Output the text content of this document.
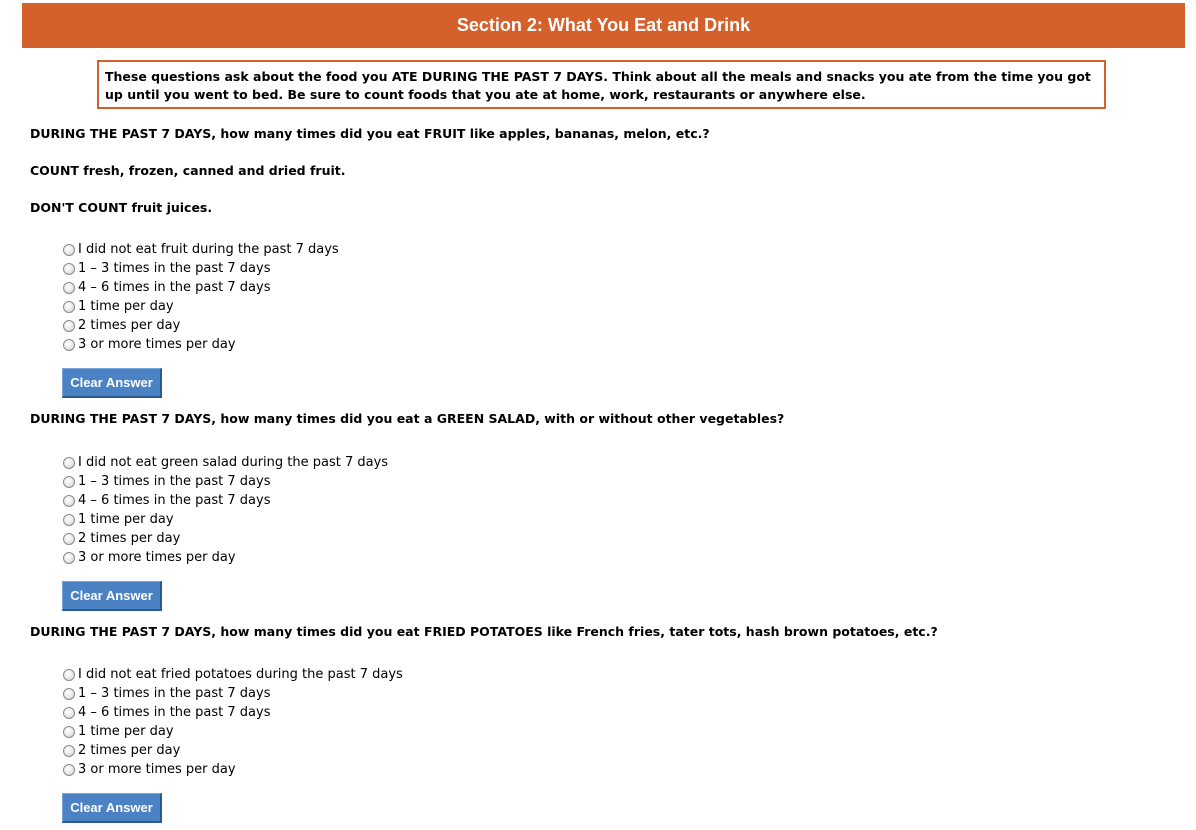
Section 2: What You Eat and Drink
These questions ask about the food you ATE DURING THE PAST 7 DAYS. Think about all the meals and snacks you ate from the time you got up until you went to bed. Be sure to count foods that you ate at home, work, restaurants or anywhere else.
DURING THE PAST 7 DAYS, how many times did you eat FRUIT like apples, bananas, melon, etc.?
COUNT fresh, frozen, canned and dried fruit.
DON'T COUNT fruit juices.
I did not eat fruit during the past 7 days
1 – 3 times in the past 7 days
4 – 6 times in the past 7 days
1 time per day
2 times per day
3 or more times per day
Clear Answer
DURING THE PAST 7 DAYS, how many times did you eat a GREEN SALAD, with or without other vegetables?
I did not eat green salad during the past 7 days
1 – 3 times in the past 7 days
4 – 6 times in the past 7 days
1 time per day
2 times per day
3 or more times per day
Clear Answer
DURING THE PAST 7 DAYS, how many times did you eat FRIED POTATOES like French fries, tater tots, hash brown potatoes, etc.?
I did not eat fried potatoes during the past 7 days
1 – 3 times in the past 7 days
4 – 6 times in the past 7 days
1 time per day
2 times per day
3 or more times per day
Clear Answer
